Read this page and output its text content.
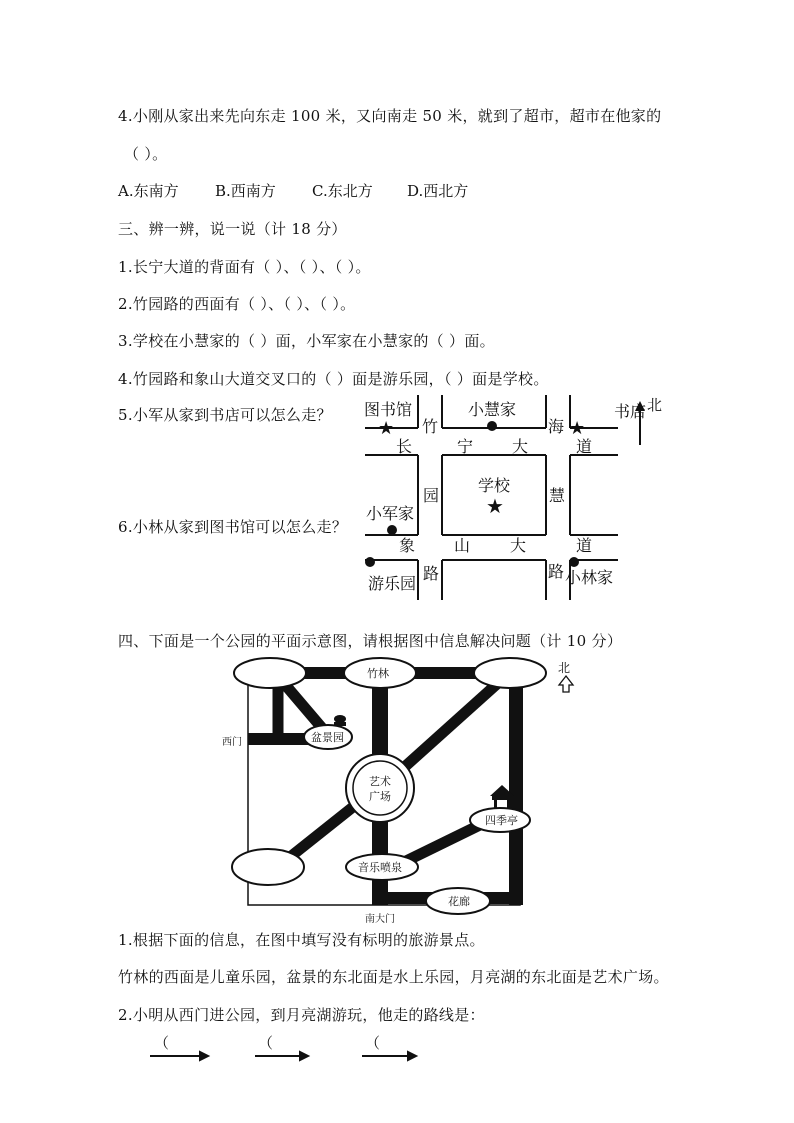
4.小刚从家出来先向东走 100 米，又向南走 50 米，就到了超市，超市在他家的
（ ）。
A.东南方 B.西南方 C.东北方 D.西北方
三、辨一辨，说一说（计 18 分）
1.长宁大道的背面有（ ）、（ ）、（ ）。
2.竹园路的西面有（ ）、（ ）、（ ）。
3.学校在小慧家的（ ）面，小军家在小慧家的（ ）面。
4.竹园路和象山大道交叉口的（ ）面是游乐园，（ ）面是学校。
5.小军从家到书店可以怎么走？
6.小林从家到图书馆可以怎么走？
北
图书馆
★
小慧家	书店
★
学校
★
小军家
游乐园	小林家
长	宁 大	道
象 山 大	道
竹
园
路
海
慧
路
四、下面是一个公园的平面示意图，请根据图中信息解决问题（计 10 分）
北
竹林
盆景园
西门
艺术
广场
四季亭
音乐喷泉
花廊
南大门
1.根据下面的信息，在图中填写没有标明的旅游景点。
竹林的西面是儿童乐园，盆景的东北面是水上乐园，月亮湖的东北面是艺术广场。
2.小明从西门进公园，到月亮湖游玩，他走的路线是：
（	（	（
